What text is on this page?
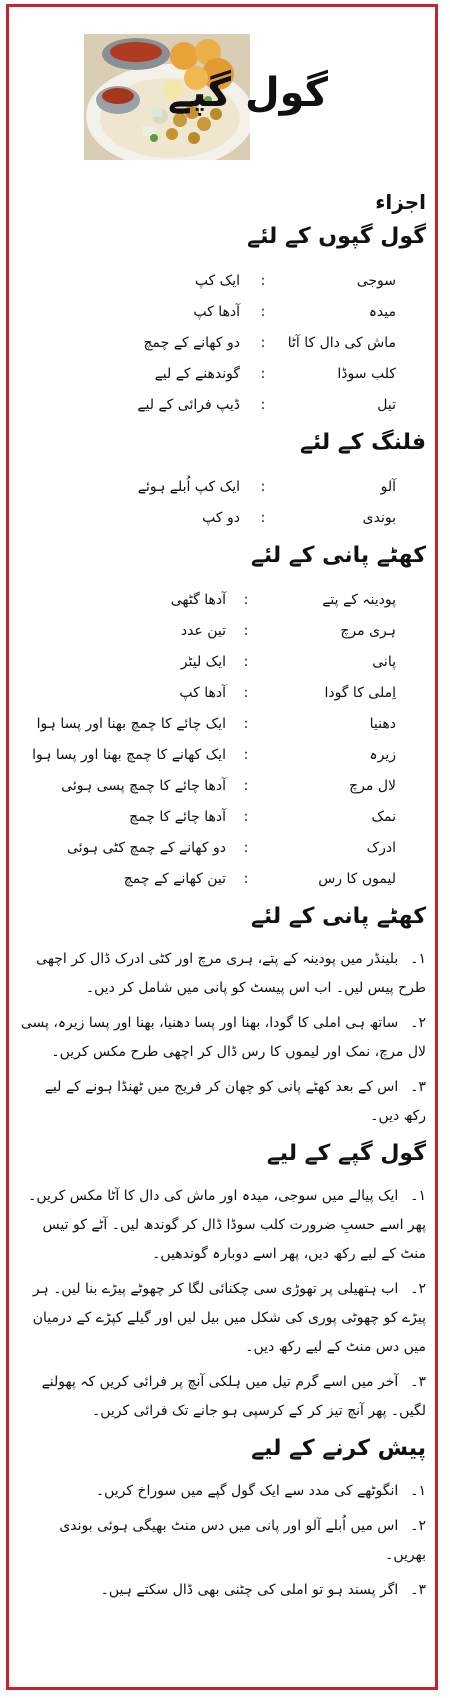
گول گپے
اجزاء
گول گپوں کے لئے
سوجی
:
ایک کپ
میدہ
:
آدھا کپ
ماش کی دال کا آٹا
:
دو کھانے کے چمچ
کلب سوڈا
:
گوندھنے کے لیے
تیل
:
ڈیپ فرائی کے لیے
فلنگ کے لئے
آلو
:
ایک کپ اُبلے ہوئے
بوندی
:
دو کپ
کھٹے پانی کے لئے
پودینہ کے پتے
:
آدھا گٹھی
ہری مرچ
:
تین عدد
پانی
:
ایک لیٹر
اِملی کا گودا
:
آدھا کپ
دھنیا
:
ایک چائے کا چمچ بھنا اور پسا ہوا
زیرہ
:
ایک کھانے کا چمچ بھنا اور پسا ہوا
لال مرچ
:
آدھا چائے کا چمچ پسی ہوئی
نمک
:
آدھا چائے کا چمچ
ادرک
:
دو کھانے کے چمچ کٹی ہوئی
لیموں کا رس
:
تین کھانے کے چمچ
کھٹے پانی کے لئے
۱۔بلینڈر میں پودینہ کے پتے، ہری مرچ اور کٹی ادرک ڈال کر اچھی طرح پیس لیں۔ اب اس پیسٹ کو پانی میں شامل کر دیں۔
۲۔ساتھ ہی املی کا گودا، بھنا اور پسا دھنیا، بھنا اور پسا زیرہ، پسی لال مرچ، نمک اور لیموں کا رس ڈال کر اچھی طرح مکس کریں۔
۳۔اس کے بعد کھٹے پانی کو چھان کر فریج میں ٹھنڈا ہونے کے لیے رکھ دیں۔
گول گپے کے لیے
۱۔ایک پیالے میں سوجی، میدہ اور ماش کی دال کا آٹا مکس کریں۔ پھر اسے حسبِ ضرورت کلب سوڈا ڈال کر گوندھ لیں۔ آٹے کو تیس منٹ کے لیے رکھ دیں، پھر اسے دوبارہ گوندھیں۔
۲۔اب ہتھیلی پر تھوڑی سی چکنائی لگا کر چھوٹے پیڑے بنا لیں۔ ہر پیڑے کو چھوٹی پوری کی شکل میں بیل لیں اور گیلے کپڑے کے درمیان میں دس منٹ کے لیے رکھ دیں۔
۳۔آخر میں اسے گرم تیل میں ہلکی آنچ پر فرائی کریں کہ پھولنے لگیں۔ پھر آنچ تیز کر کے کرسپی ہو جانے تک فرائی کریں۔
پیش کرنے کے لیے
۱۔انگوٹھے کی مدد سے ایک گول گپے میں سوراخ کریں۔
۲۔اس میں اُبلے آلو اور پانی میں دس منٹ بھیگی ہوئی بوندی بھریں۔
۳۔اگر پسند ہو تو املی کی چٹنی بھی ڈال سکتے ہیں۔
